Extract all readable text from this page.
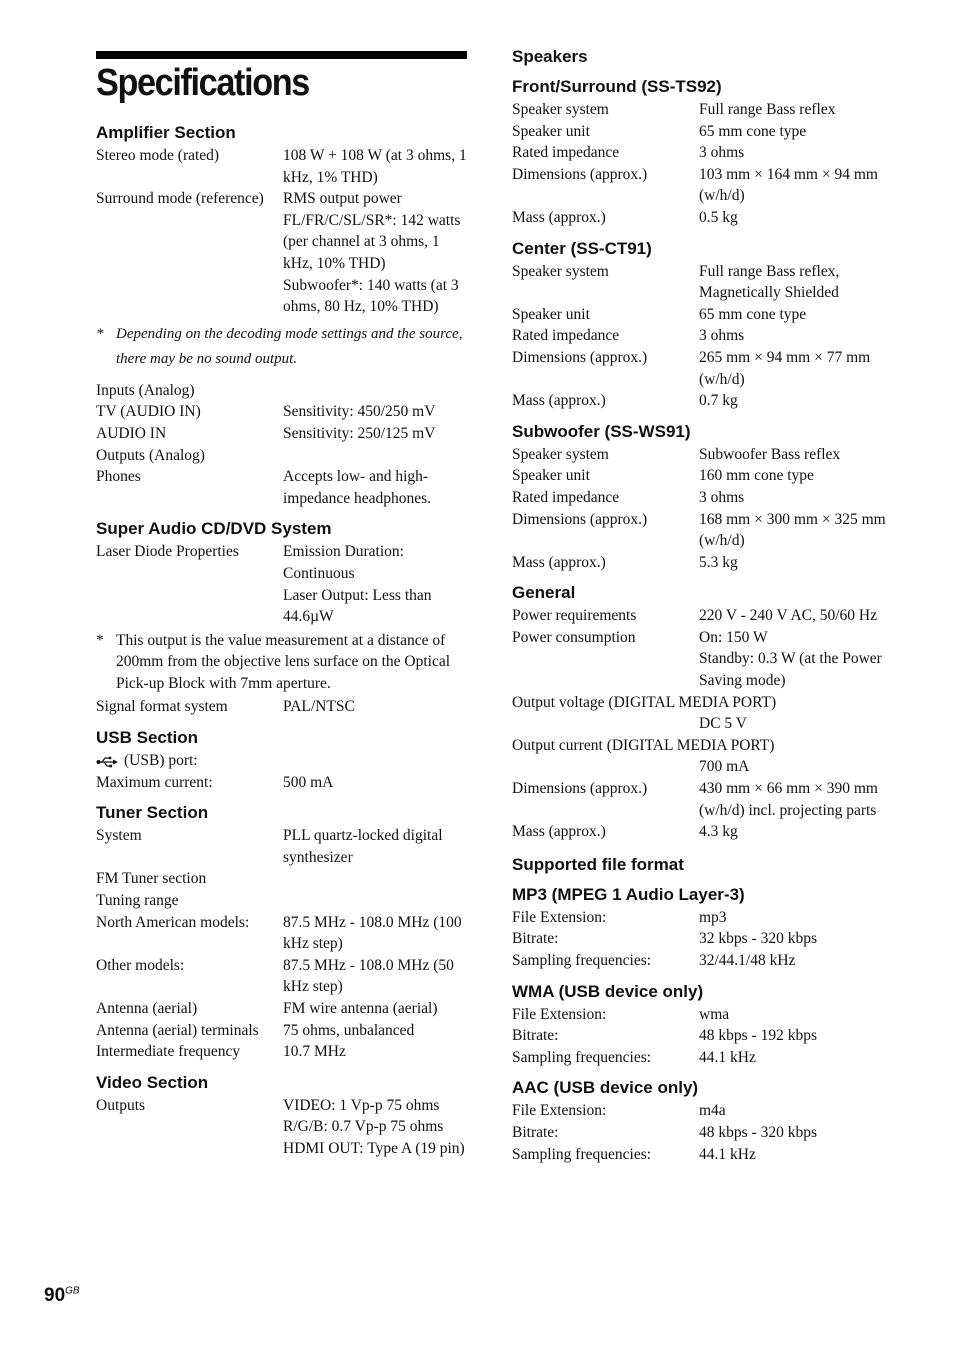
Specifications
Amplifier Section
Stereo mode (rated)	108 W + 108 W (at 3 ohms, 1 kHz, 1% THD)
Surround mode (reference)	RMS output power FL/FR/C/SL/SR*: 142 watts (per channel at 3 ohms, 1 kHz, 10% THD) Subwoofer*: 140 watts (at 3 ohms, 80 Hz, 10% THD)
* Depending on the decoding mode settings and the source, there may be no sound output.
Inputs (Analog)
TV (AUDIO IN)	Sensitivity: 450/250 mV
AUDIO IN	Sensitivity: 250/125 mV
Outputs (Analog)
Phones	Accepts low- and high-impedance headphones.
Super Audio CD/DVD System
Laser Diode Properties	Emission Duration: Continuous
Laser Output: Less than 44.6µW
* This output is the value measurement at a distance of 200mm from the objective lens surface on the Optical Pick-up Block with 7mm aperture.
Signal format system	PAL/NTSC
USB Section
(USB) port:
Maximum current:	500 mA
Tuner Section
System	PLL quartz-locked digital synthesizer
FM Tuner section
Tuning range
North American models:	87.5 MHz - 108.0 MHz (100 kHz step)
Other models:	87.5 MHz - 108.0 MHz (50 kHz step)
Antenna (aerial)	FM wire antenna (aerial)
Antenna (aerial) terminals	75 ohms, unbalanced
Intermediate frequency	10.7 MHz
Video Section
Outputs	VIDEO: 1 Vp-p 75 ohms
R/G/B: 0.7 Vp-p 75 ohms
HDMI OUT: Type A (19 pin)
Speakers
Front/Surround (SS-TS92)
Speaker system	Full range Bass reflex
Speaker unit	65 mm cone type
Rated impedance	3 ohms
Dimensions (approx.)	103 mm × 164 mm × 94 mm (w/h/d)
Mass (approx.)	0.5 kg
Center (SS-CT91)
Speaker system	Full range Bass reflex, Magnetically Shielded
Speaker unit	65 mm cone type
Rated impedance	3 ohms
Dimensions (approx.)	265 mm × 94 mm × 77 mm (w/h/d)
Mass (approx.)	0.7 kg
Subwoofer (SS-WS91)
Speaker system	Subwoofer Bass reflex
Speaker unit	160 mm cone type
Rated impedance	3 ohms
Dimensions (approx.)	168 mm × 300 mm × 325 mm (w/h/d)
Mass (approx.)	5.3 kg
General
Power requirements	220 V - 240 V AC, 50/60 Hz
Power consumption	On: 150 W
Standby: 0.3 W (at the Power Saving mode)
Output voltage (DIGITAL MEDIA PORT)
DC 5 V
Output current (DIGITAL MEDIA PORT)
700 mA
Dimensions (approx.)	430 mm × 66 mm × 390 mm (w/h/d) incl. projecting parts
Mass (approx.)	4.3 kg
Supported file format
MP3 (MPEG 1 Audio Layer-3)
File Extension:	mp3
Bitrate:	32 kbps - 320 kbps
Sampling frequencies:	32/44.1/48 kHz
WMA (USB device only)
File Extension:	wma
Bitrate:	48 kbps - 192 kbps
Sampling frequencies:	44.1 kHz
AAC (USB device only)
File Extension:	m4a
Bitrate:	48 kbps - 320 kbps
Sampling frequencies:	44.1 kHz
$90^{GB}$
